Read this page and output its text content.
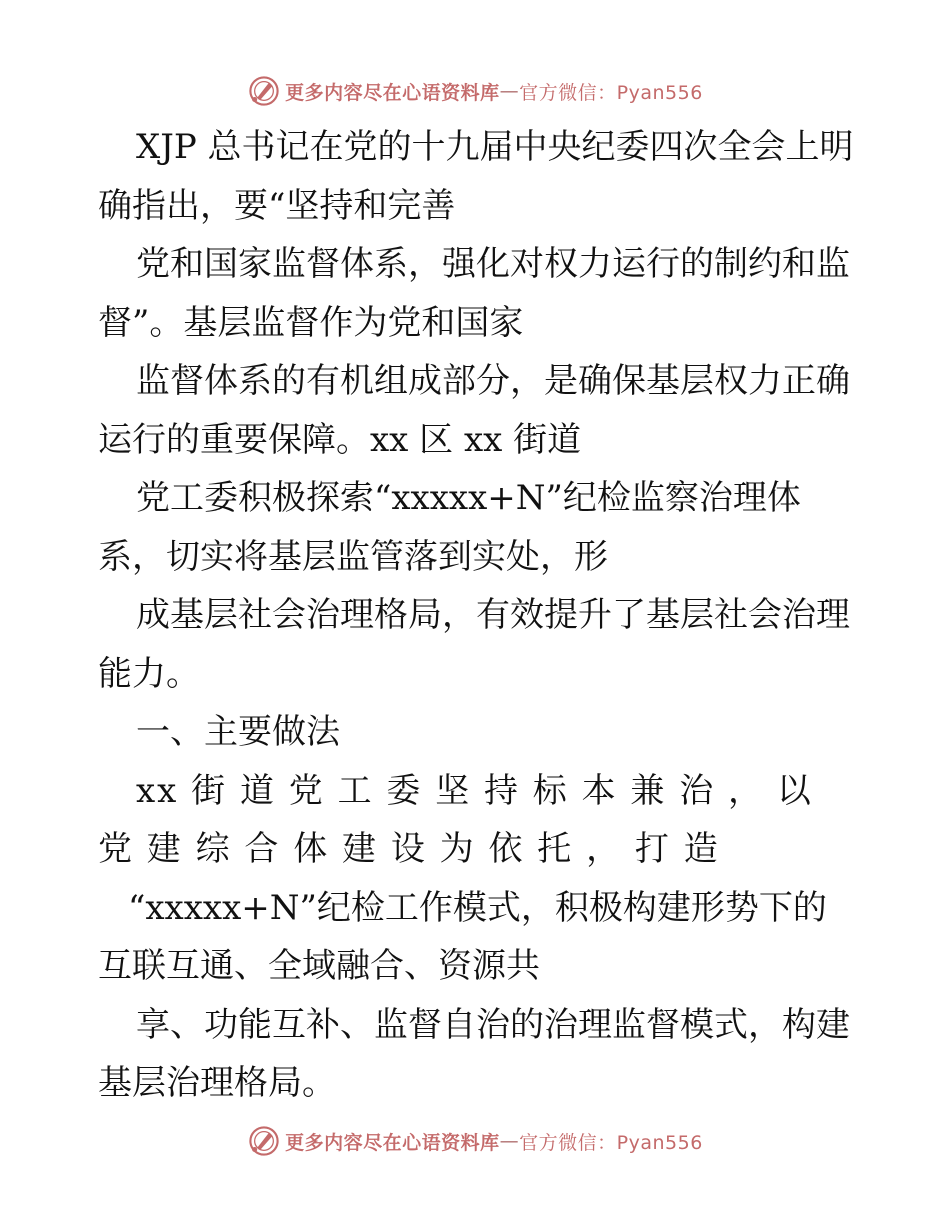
更多内容尽在心语资料库 — 官方微信：Pyan556
XJP 总书记在党的十九届中央纪委四次全会上明
确指出，要“坚持和完善
党和国家监督体系，强化对权力运行的制约和监
督”。基层监督作为党和国家
监督体系的有机组成部分，是确保基层权力正确
运行的重要保障。xx 区 xx 街道
党工委积极探索“xxxxx+N”纪检监察治理体
系，切实将基层监管落到实处，形
成基层社会治理格局，有效提升了基层社会治理
能力。
一、主要做法
xx 街 道 党 工 委 坚 持 标 本 兼 治 ， 以
党 建 综 合 体 建 设 为 依 托 ， 打 造
“xxxxx+N”纪检工作模式，积极构建形势下的
互联互通、全域融合、资源共
享、功能互补、监督自治的治理监督模式，构建
基层治理格局。
更多内容尽在心语资料库 — 官方微信：Pyan556
